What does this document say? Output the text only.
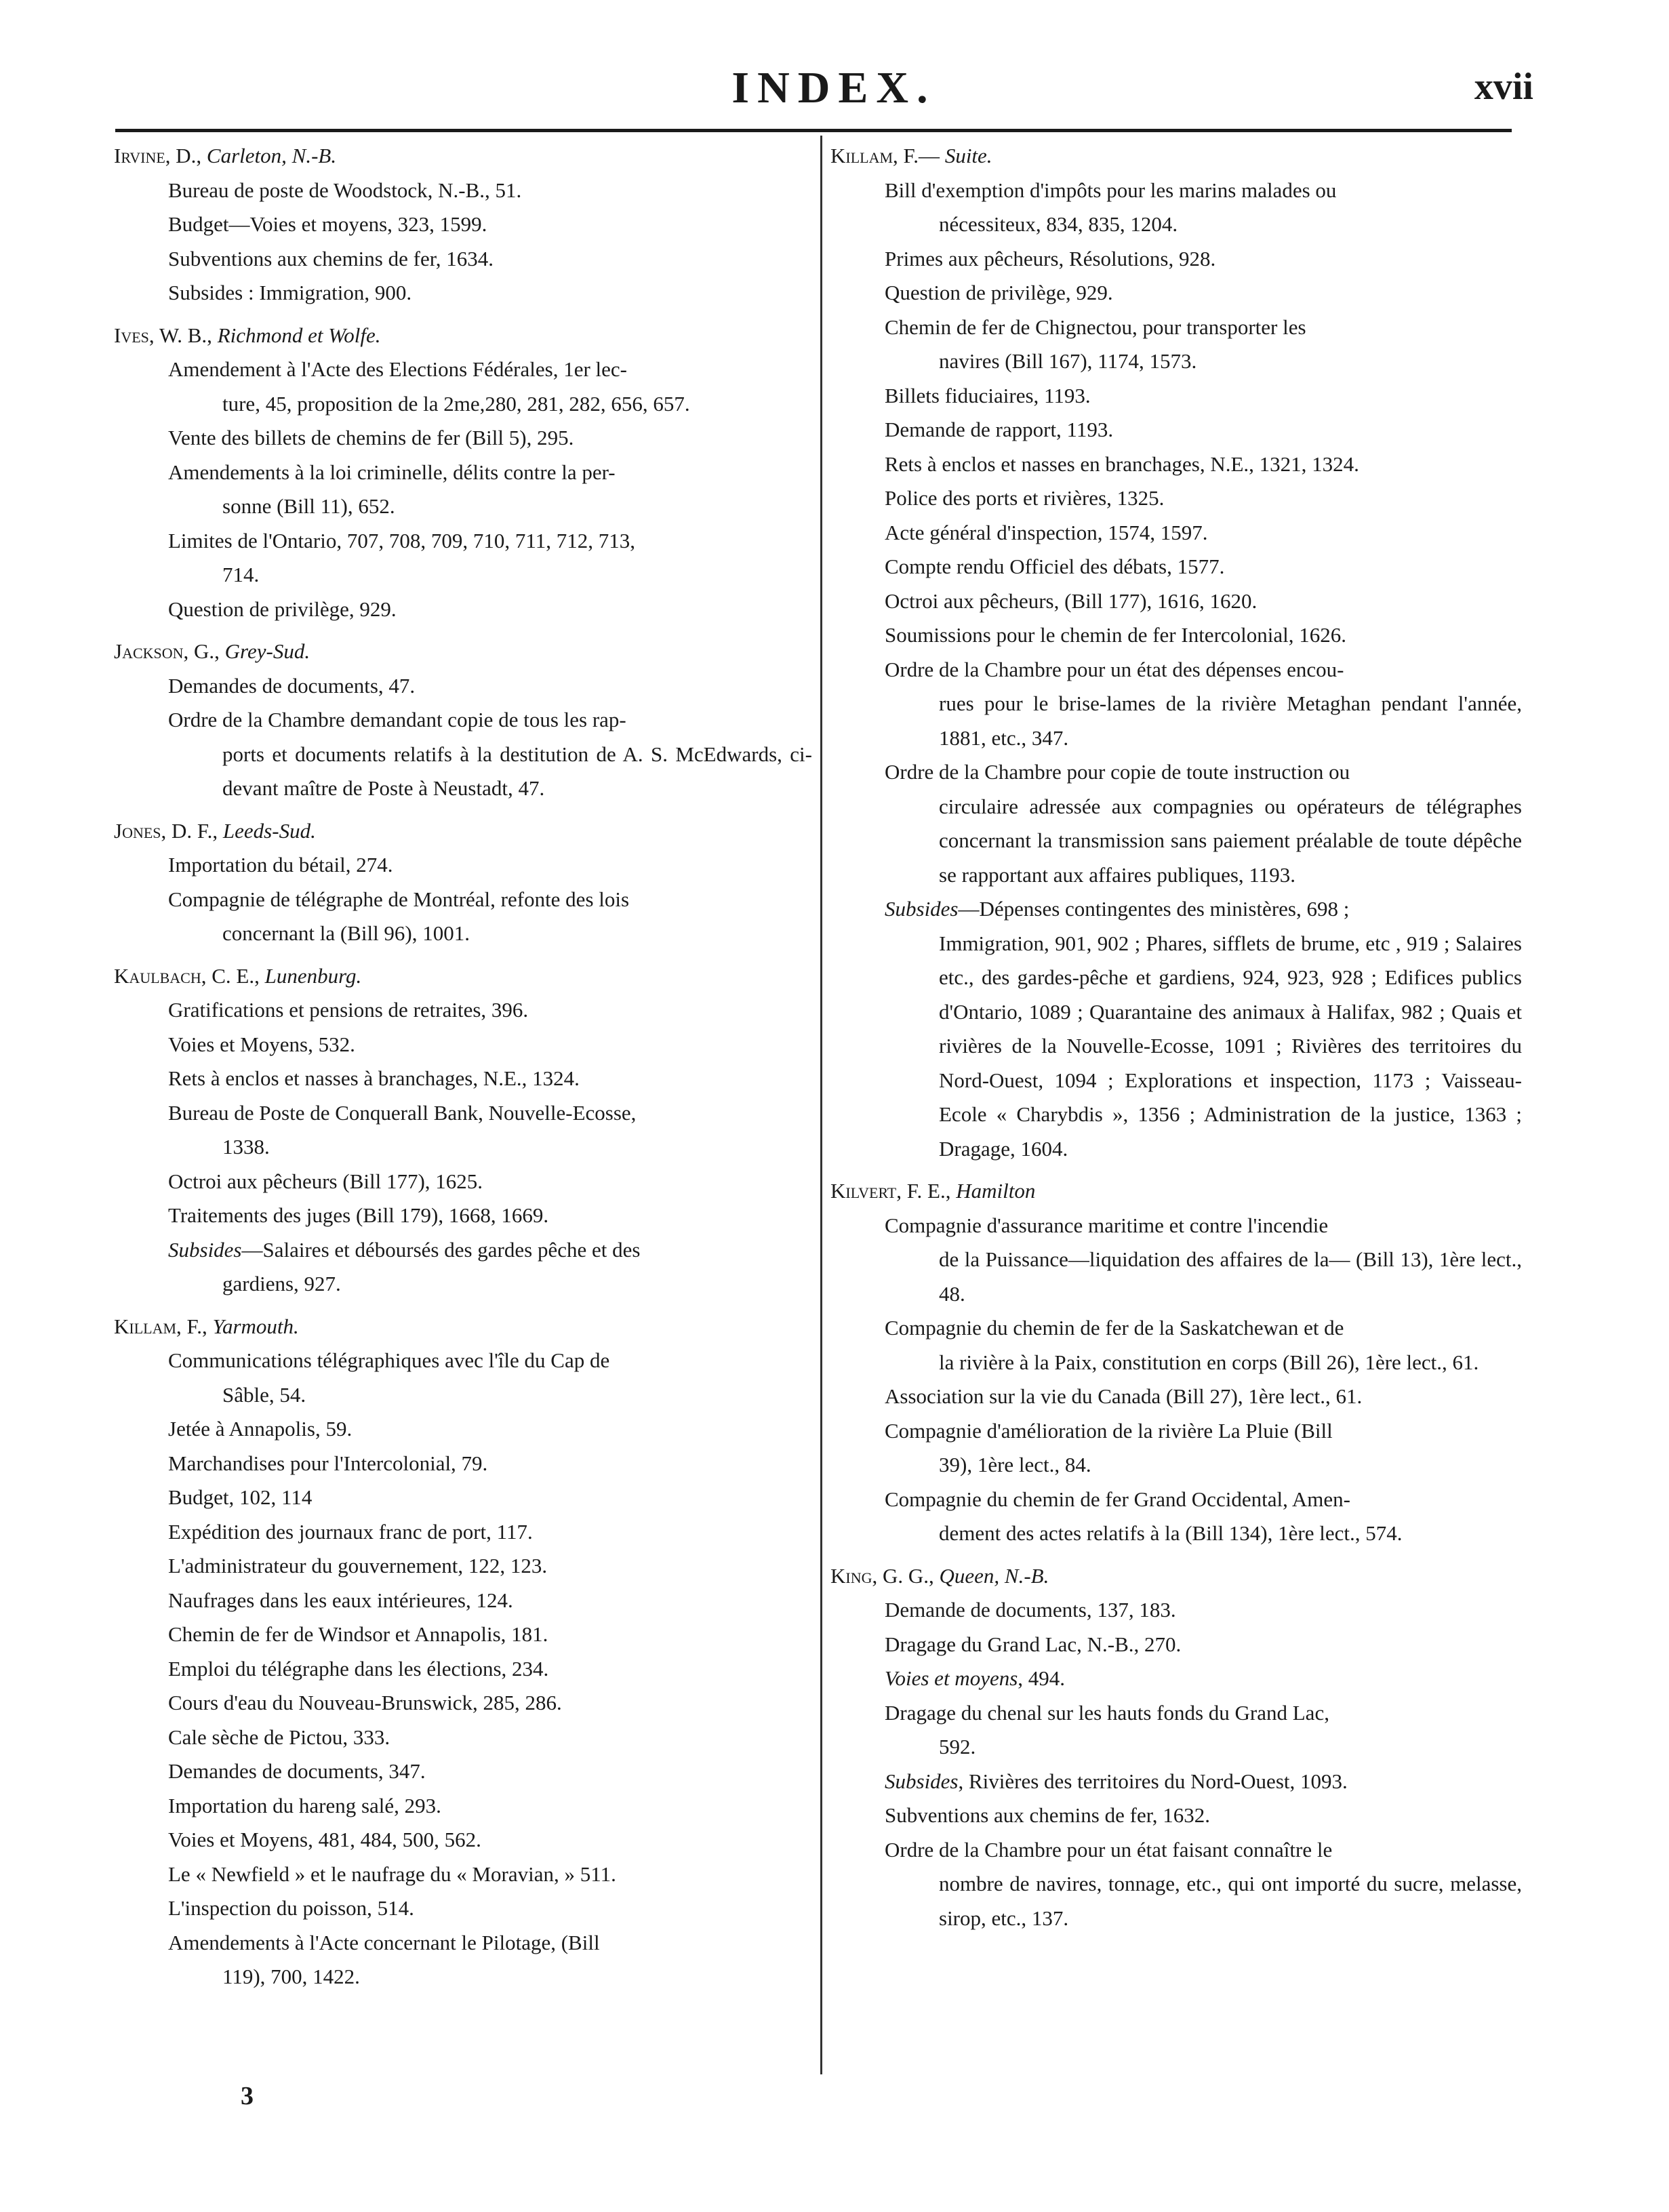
INDEX.	xvii
Irvine, D., Carleton, N.-B.
Bureau de poste de Woodstock, N.-B., 51.
Budget—Voies et moyens, 323, 1599.
Subventions aux chemins de fer, 1634.
Subsides : Immigration, 900.
Ives, W. B., Richmond et Wolfe.
Amendement à l'Acte des Elections Fédérales, 1er lec-
ture, 45, proposition de la 2me,280, 281, 282, 656, 657.
Vente des billets de chemins de fer (Bill 5), 295.
Amendements à la loi criminelle, délits contre la per-
sonne (Bill 11), 652.
Limites de l'Ontario, 707, 708, 709, 710, 711, 712, 713,
714.
Question de privilège, 929.
Jackson, G., Grey-Sud.
Demandes de documents, 47.
Ordre de la Chambre demandant copie de tous les rap-
ports et documents relatifs à la destitution de A. S. McEdwards, ci-devant maître de Poste à Neustadt, 47.
Jones, D. F., Leeds-Sud.
Importation du bétail, 274.
Compagnie de télégraphe de Montréal, refonte des lois
concernant la (Bill 96), 1001.
Kaulbach, C. E., Lunenburg.
Gratifications et pensions de retraites, 396.
Voies et Moyens, 532.
Rets à enclos et nasses à branchages, N.E., 1324.
Bureau de Poste de Conquerall Bank, Nouvelle-Ecosse,
1338.
Octroi aux pêcheurs (Bill 177), 1625.
Traitements des juges (Bill 179), 1668, 1669.
Subsides—Salaires et déboursés des gardes pêche et des
gardiens, 927.
Killam, F., Yarmouth.
Communications télégraphiques avec l'île du Cap de
Sâble, 54.
Jetée à Annapolis, 59.
Marchandises pour l'Intercolonial, 79.
Budget, 102, 114
Expédition des journaux franc de port, 117.
L'administrateur du gouvernement, 122, 123.
Naufrages dans les eaux intérieures, 124.
Chemin de fer de Windsor et Annapolis, 181.
Emploi du télégraphe dans les élections, 234.
Cours d'eau du Nouveau-Brunswick, 285, 286.
Cale sèche de Pictou, 333.
Demandes de documents, 347.
Importation du hareng salé, 293.
Voies et Moyens, 481, 484, 500, 562.
Le « Newfield » et le naufrage du « Moravian, » 511.
L'inspection du poisson, 514.
Amendements à l'Acte concernant le Pilotage, (Bill
119), 700, 1422.
Killam, F.— Suite.
Bill d'exemption d'impôts pour les marins malades ou
nécessiteux, 834, 835, 1204.
Primes aux pêcheurs, Résolutions, 928.
Question de privilège, 929.
Chemin de fer de Chignectou, pour transporter les
navires (Bill 167), 1174, 1573.
Billets fiduciaires, 1193.
Demande de rapport, 1193.
Rets à enclos et nasses en branchages, N.E., 1321, 1324.
Police des ports et rivières, 1325.
Acte général d'inspection, 1574, 1597.
Compte rendu Officiel des débats, 1577.
Octroi aux pêcheurs, (Bill 177), 1616, 1620.
Soumissions pour le chemin de fer Intercolonial, 1626.
Ordre de la Chambre pour un état des dépenses encou-
rues pour le brise-lames de la rivière Metaghan pendant l'année, 1881, etc., 347.
Ordre de la Chambre pour copie de toute instruction ou
circulaire adressée aux compagnies ou opérateurs de télégraphes concernant la transmission sans paiement préalable de toute dépêche se rapportant aux affaires publiques, 1193.
Subsides—Dépenses contingentes des ministères, 698 ;
Immigration, 901, 902 ; Phares, sifflets de brume, etc , 919 ; Salaires etc., des gardes-pêche et gardiens, 924, 923, 928 ; Edifices publics d'Ontario, 1089 ; Quarantaine des animaux à Halifax, 982 ; Quais et rivières de la Nouvelle-Ecosse, 1091 ; Rivières des territoires du Nord-Ouest, 1094 ; Explorations et inspection, 1173 ; Vaisseau-Ecole « Charybdis », 1356 ; Administration de la justice, 1363 ; Dragage, 1604.
Kilvert, F. E., Hamilton
Compagnie d'assurance maritime et contre l'incendie
de la Puissance—liquidation des affaires de la— (Bill 13), 1ère lect., 48.
Compagnie du chemin de fer de la Saskatchewan et de
la rivière à la Paix, constitution en corps (Bill 26), 1ère lect., 61.
Association sur la vie du Canada (Bill 27), 1ère lect., 61.
Compagnie d'amélioration de la rivière La Pluie (Bill
39), 1ère lect., 84.
Compagnie du chemin de fer Grand Occidental, Amen-
dement des actes relatifs à la (Bill 134), 1ère lect., 574.
King, G. G., Queen, N.-B.
Demande de documents, 137, 183.
Dragage du Grand Lac, N.-B., 270.
Voies et moyens, 494.
Dragage du chenal sur les hauts fonds du Grand Lac,
592.
Subsides, Rivières des territoires du Nord-Ouest, 1093.
Subventions aux chemins de fer, 1632.
Ordre de la Chambre pour un état faisant connaître le
nombre de navires, tonnage, etc., qui ont importé du sucre, melasse, sirop, etc., 137.
3
